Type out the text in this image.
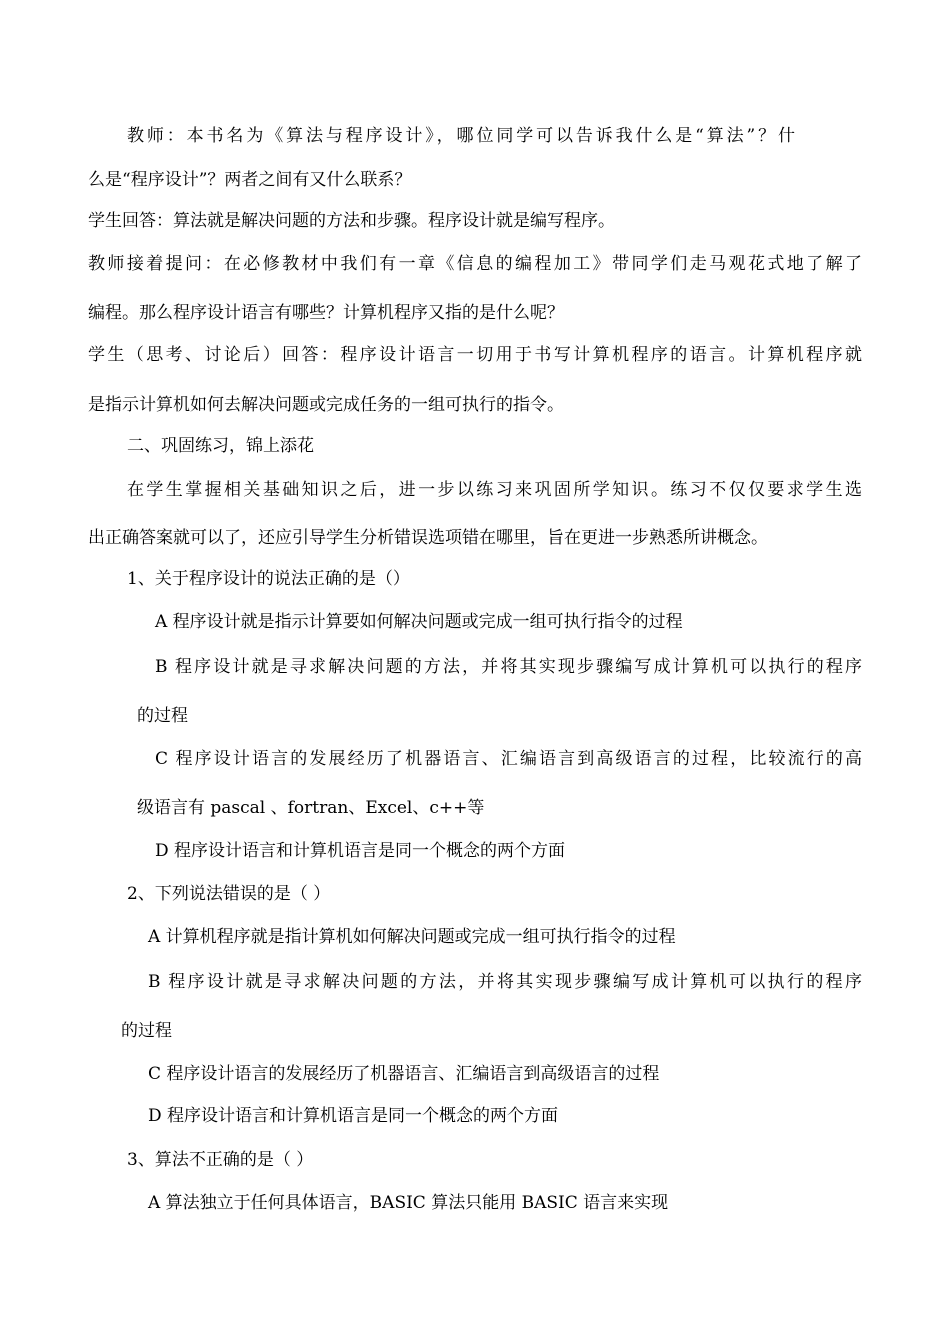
教师：本书名为《算法与程序设计》，哪位同学可以告诉我什么是“算法”？什

么是“程序设计”？两者之间有又什么联系？

学生回答：算法就是解决问题的方法和步骤。程序设计就是编写程序。

教师接着提问：在必修教材中我们有一章《信息的编程加工》带同学们走马观花式地了解了

编程。那么程序设计语言有哪些？计算机程序又指的是什么呢？

学生（思考、讨论后）回答：程序设计语言一切用于书写计算机程序的语言。计算机程序就

是指示计算机如何去解决问题或完成任务的一组可执行的指令。

二、巩固练习，锦上添花

在学生掌握相关基础知识之后，进一步以练习来巩固所学知识。练习不仅仅要求学生选

出正确答案就可以了，还应引导学生分析错误选项错在哪里，旨在更进一步熟悉所讲概念。

1、关于程序设计的说法正确的是（）

A 程序设计就是指示计算要如何解决问题或完成一组可执行指令的过程

B 程序设计就是寻求解决问题的方法，并将其实现步骤编写成计算机可以执行的程序

的过程

C 程序设计语言的发展经历了机器语言、汇编语言到高级语言的过程，比较流行的高

级语言有 pascal 、fortran、Excel、c++等

D 程序设计语言和计算机语言是同一个概念的两个方面

2、下列说法错误的是（ ）

A 计算机程序就是指计算机如何解决问题或完成一组可执行指令的过程

B 程序设计就是寻求解决问题的方法，并将其实现步骤编写成计算机可以执行的程序

的过程

C 程序设计语言的发展经历了机器语言、汇编语言到高级语言的过程

D 程序设计语言和计算机语言是同一个概念的两个方面

3、算法不正确的是（ ）

A 算法独立于任何具体语言，BASIC 算法只能用 BASIC 语言来实现
